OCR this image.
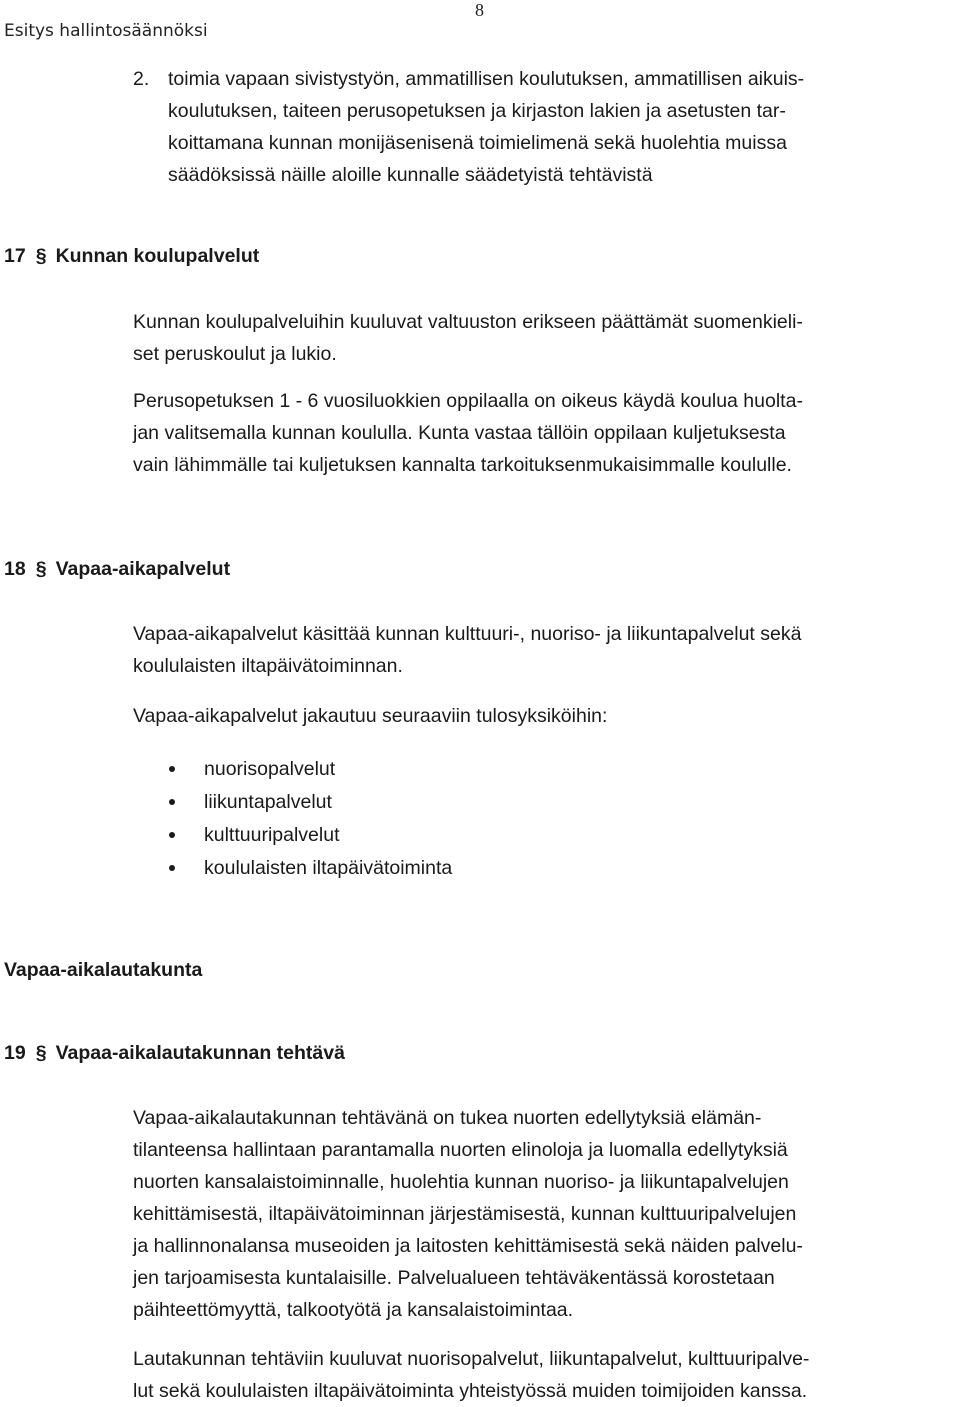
Esitys hallintosäännöksi
8
2. toimia vapaan sivistystyön, ammatillisen koulutuksen, ammatillisen aikuis-
koulutuksen, taiteen perusopetuksen ja kirjaston lakien ja asetusten tar-
koittamana kunnan monijäsenisenä toimielimenä sekä huolehtia muissa
säädöksissä näille aloille kunnalle säädetyistä tehtävistä
17 § Kunnan koulupalvelut
Kunnan koulupalveluihin kuuluvat valtuuston erikseen päättämät suomenkieli-
set peruskoulut ja lukio.
Perusopetuksen 1 - 6 vuosiluokkien oppilaalla on oikeus käydä koulua huolta-
jan valitsemalla kunnan koululla. Kunta vastaa tällöin oppilaan kuljetuksesta
vain lähimmälle tai kuljetuksen kannalta tarkoituksenmukaisimmalle koululle.
18 § Vapaa-aikapalvelut
Vapaa-aikapalvelut käsittää kunnan kulttuuri-, nuoriso- ja liikuntapalvelut sekä
koululaisten iltapäivätoiminnan.
Vapaa-aikapalvelut jakautuu seuraaviin tulosyksiköihin:
nuorisopalvelut
liikuntapalvelut
kulttuuripalvelut
koululaisten iltapäivätoiminta
Vapaa-aikalautakunta
19 § Vapaa-aikalautakunnan tehtävä
Vapaa-aikalautakunnan tehtävänä on tukea nuorten edellytyksiä elämän-
tilanteensa hallintaan parantamalla nuorten elinoloja ja luomalla edellytyksiä
nuorten kansalaistoiminnalle, huolehtia kunnan nuoriso- ja liikuntapalvelujen
kehittämisestä, iltapäivätoiminnan järjestämisestä, kunnan kulttuuripalvelujen
ja hallinnonalansa museoiden ja laitosten kehittämisestä sekä näiden palvelu-
jen tarjoamisesta kuntalaisille. Palvelualueen tehtäväkentässä korostetaan
päihteettömyyttä, talkootyötä ja kansalaistoimintaa.
Lautakunnan tehtäviin kuuluvat nuorisopalvelut, liikuntapalvelut, kulttuuripalve-
lut sekä koululaisten iltapäivätoiminta yhteistyössä muiden toimijoiden kanssa.
